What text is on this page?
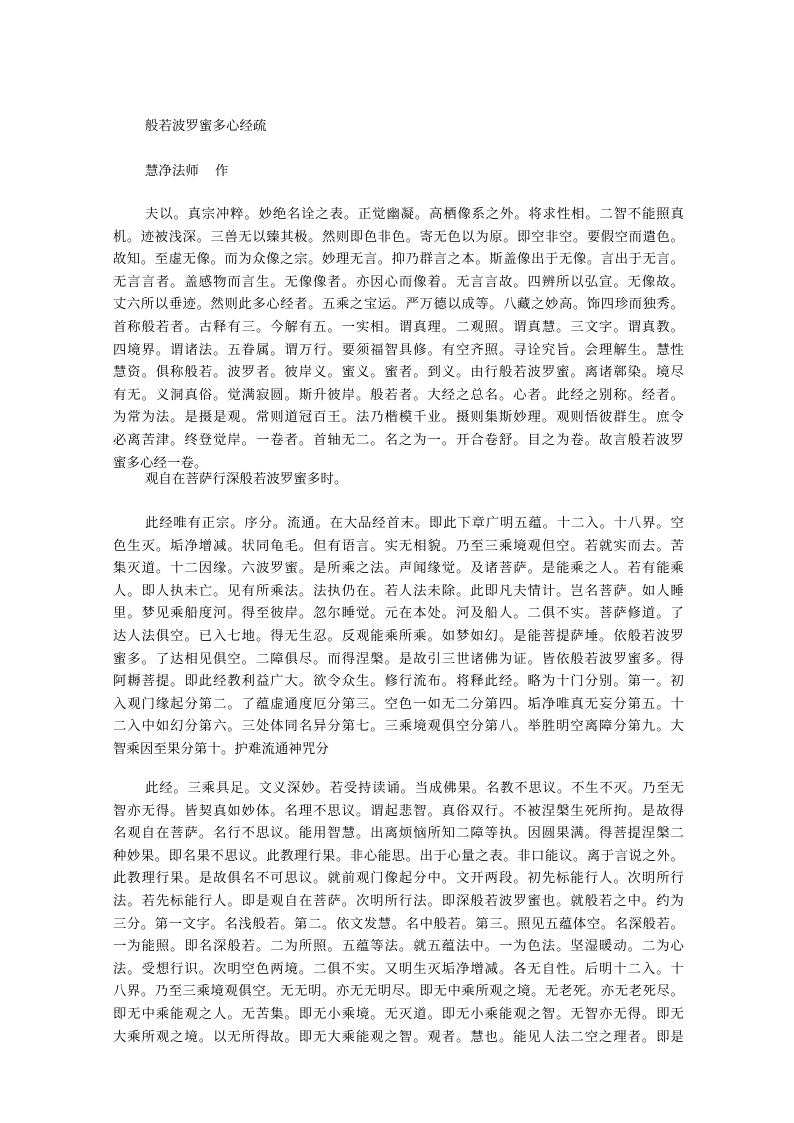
般若波罗蜜多心经疏
慧净法师 作
夫以。真宗冲粹。妙绝名诠之表。正觉幽凝。高栖像系之外。将求性相。二智不能照真
机。迹被浅深。三兽无以臻其极。然则即色非色。寄无色以为原。即空非空。要假空而遣色。
故知。至虚无像。而为众像之宗。妙理无言。抑乃群言之本。斯盖像出于无像。言出于无言。
无言言者。盖感物而言生。无像像者。亦因心而像着。无言言故。四辨所以弘宣。无像故。
丈六所以垂迹。然则此多心经者。五乘之宝运。严万德以成等。八藏之妙高。饰四珍而独秀。
首称般若者。古释有三。今解有五。一实相。谓真理。二观照。谓真慧。三文字。谓真教。
四境界。谓诸法。五眷属。谓万行。要须福智具修。有空齐照。寻诠究旨。会理解生。慧性
慧资。俱称般若。波罗者。彼岸义。蜜义。蜜者。到义。由行般若波罗蜜。离诸鄣染。境尽
有无。义洞真俗。觉满寂圆。斯升彼岸。般若者。大经之总名。心者。此经之别称。经者。
为常为法。是摄是观。常则道冠百王。法乃楷模千业。摄则集斯妙理。观则悟彼群生。庶令
必离苦津。终登觉岸。一卷者。首轴无二。名之为一。开合卷舒。目之为卷。故言般若波罗
蜜多心经一卷。
观自在菩萨行深般若波罗蜜多时。
此经唯有正宗。序分。流通。在大品经首末。即此下章广明五蕴。十二入。十八界。空
色生灭。垢净增减。状同龟毛。但有语言。实无相貌。乃至三乘境观但空。若就实而去。苦
集灭道。十二因缘。六波罗蜜。是所乘之法。声闻缘觉。及诸菩萨。是能乘之人。若有能乘
人。即人执未亡。见有所乘法。法执仍在。若人法未除。此即凡夫情计。岂名菩萨。如人睡
里。梦见乘船度河。得至彼岸。忽尔睡觉。元在本处。河及船人。二俱不实。菩萨修道。了
达人法俱空。已入七地。得无生忍。反观能乘所乘。如梦如幻。是能菩提萨埵。依般若波罗
蜜多。了达相见俱空。二障俱尽。而得涅槃。是故引三世诸佛为证。皆依般若波罗蜜多。得
阿耨菩提。即此经教利益广大。欲令众生。修行流布。将释此经。略为十门分别。第一。初
入观门缘起分第二。了蕴虚通度厄分第三。空色一如无二分第四。垢净唯真无妄分第五。十
二入中如幻分第六。三处体同名异分第七。三乘境观俱空分第八。举胜明空离障分第九。大
智乘因至果分第十。护难流通神咒分
此经。三乘具足。文义深妙。若受持读诵。当成佛果。名教不思议。不生不灭。乃至无
智亦无得。皆契真如妙体。名理不思议。谓起悲智。真俗双行。不被涅槃生死所拘。是故得
名观自在菩萨。名行不思议。能用智慧。出离烦恼所知二障等执。因圆果满。得菩提涅槃二
种妙果。即名果不思议。此教理行果。非心能思。出于心量之表。非口能议。离于言说之外。
此教理行果。是故俱名不可思议。就前观门像起分中。文开两段。初先标能行人。次明所行
法。若先标能行人。即是观自在菩萨。次明所行法。即深般若波罗蜜也。就般若之中。约为
三分。第一文字。名浅般若。第二。依文发慧。名中般若。第三。照见五蕴体空。名深般若。
一为能照。即名深般若。二为所照。五蕴等法。就五蕴法中。一为色法。坚湿暖动。二为心
法。受想行识。次明空色两境。二俱不实。又明生灭垢净增减。各无自性。后明十二入。十
八界。乃至三乘境观俱空。无无明。亦无无明尽。即无中乘所观之境。无老死。亦无老死尽。
即无中乘能观之人。无苦集。即无小乘境。无灭道。即无小乘能观之智。无智亦无得。即无
大乘所观之境。以无所得故。即无大乘能观之智。观者。慧也。能见人法二空之理者。即是
